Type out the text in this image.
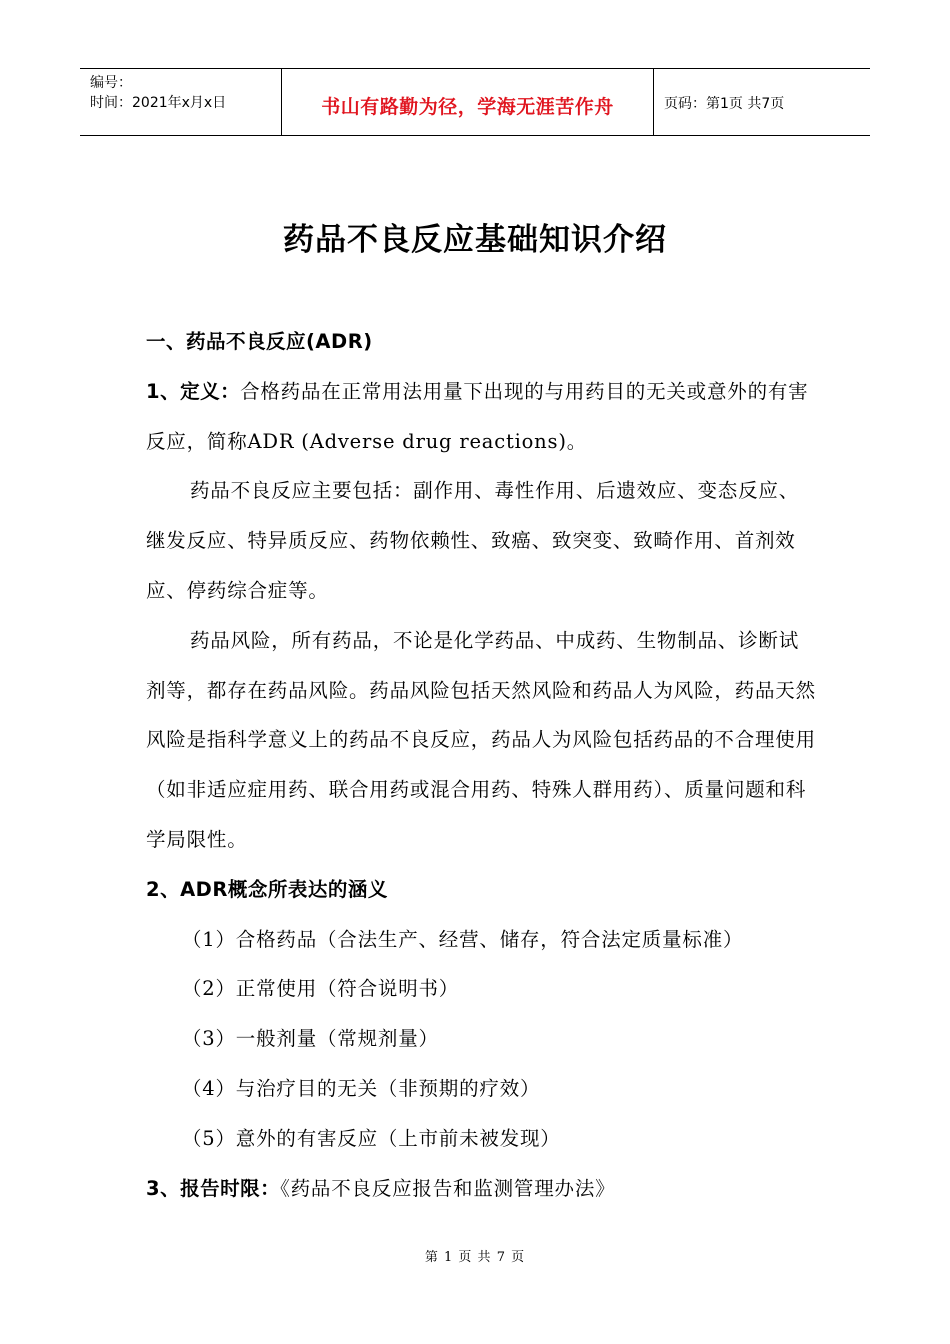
编号：
时间：2021年x月x日	书山有路勤为径，学海无涯苦作舟	页码：第1页 共7页
药品不良反应基础知识介绍

一、药品不良反应(ADR)

1、定义：合格药品在正常用法用量下出现的与用药目的无关或意外的有害反应，简称ADR (Adverse drug reactions)。

药品不良反应主要包括：副作用、毒性作用、后遗效应、变态反应、继发反应、特异质反应、药物依赖性、致癌、致突变、致畸作用、首剂效应、停药综合症等。

药品风险，所有药品，不论是化学药品、中成药、生物制品、诊断试剂等，都存在药品风险。药品风险包括天然风险和药品人为风险，药品天然风险是指科学意义上的药品不良反应，药品人为风险包括药品的不合理使用（如非适应症用药、联合用药或混合用药、特殊人群用药）、质量问题和科学局限性。

2、ADR概念所表达的涵义

（1）合格药品（合法生产、经营、储存，符合法定质量标准）

（2）正常使用（符合说明书）

（3）一般剂量（常规剂量）

（4）与治疗目的无关（非预期的疗效）

（5）意外的有害反应（上市前未被发现）

3、报告时限：《药品不良反应报告和监测管理办法》

第 1 页 共 7 页
